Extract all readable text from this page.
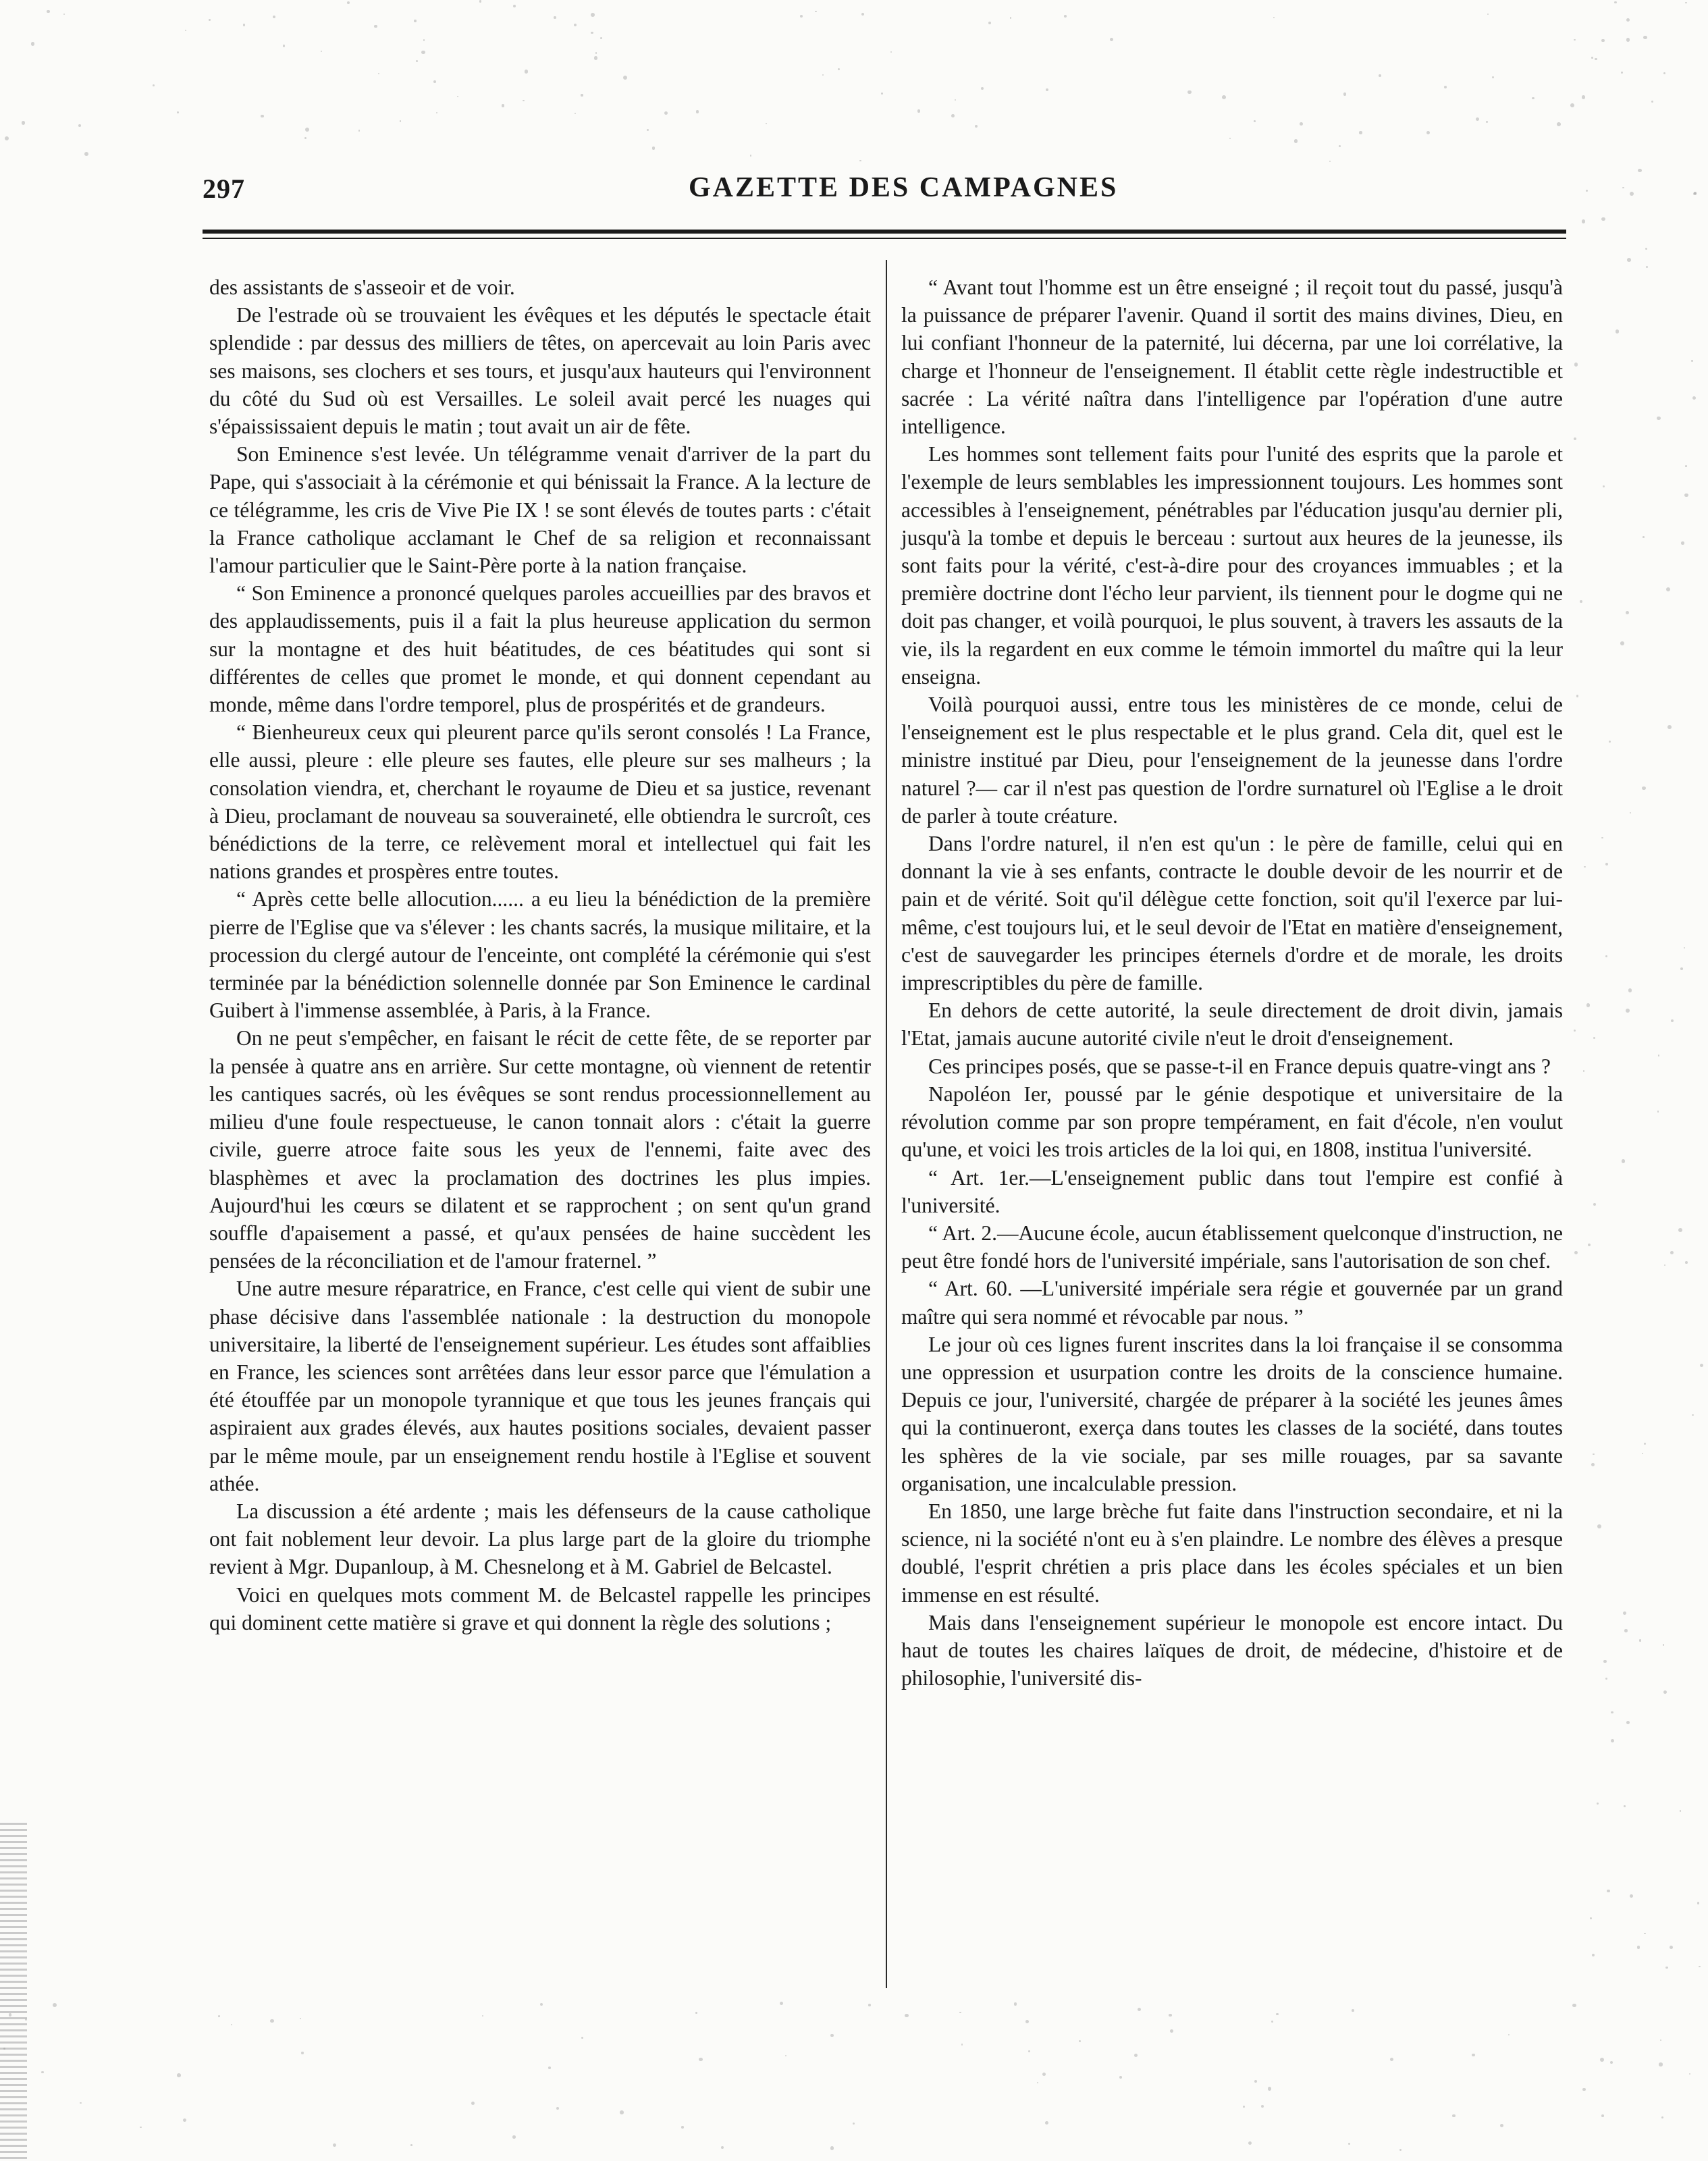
297	GAZETTE DES CAMPAGNES

des assistants de s'asseoir et de voir.

De l'estrade où se trouvaient les évêques et les députés le spectacle était splendide : par dessus des milliers de têtes, on apercevait au loin Paris avec ses maisons, ses clochers et ses tours, et jusqu'aux hauteurs qui l'environnent du côté du Sud où est Versailles. Le soleil avait percé les nuages qui s'épaississaient depuis le matin ; tout avait un air de fête.

Son Eminence s'est levée. Un télégramme venait d'arriver de la part du Pape, qui s'associait à la cérémonie et qui bénissait la France. A la lecture de ce télégramme, les cris de Vive Pie IX ! se sont élevés de toutes parts : c'était la France catholique acclamant le Chef de sa religion et reconnaissant l'amour particulier que le Saint-Père porte à la nation française.

“ Son Eminence a prononcé quelques paroles accueillies par des bravos et des applaudissements, puis il a fait la plus heureuse application du sermon sur la montagne et des huit béatitudes, de ces béatitudes qui sont si différentes de celles que promet le monde, et qui donnent cependant au monde, même dans l'ordre temporel, plus de prospérités et de grandeurs.

“ Bienheureux ceux qui pleurent parce qu'ils seront consolés ! La France, elle aussi, pleure : elle pleure ses fautes, elle pleure sur ses malheurs ; la consolation viendra, et, cherchant le royaume de Dieu et sa justice, revenant à Dieu, proclamant de nouveau sa souveraineté, elle obtiendra le surcroît, ces bénédictions de la terre, ce relèvement moral et intellectuel qui fait les nations grandes et prospères entre toutes.

“ Après cette belle allocution...... a eu lieu la bénédiction de la première pierre de l'Eglise que va s'élever : les chants sacrés, la musique militaire, et la procession du clergé autour de l'enceinte, ont complété la cérémonie qui s'est terminée par la bénédiction solennelle donnée par Son Eminence le cardinal Guibert à l'immense assemblée, à Paris, à la France.

On ne peut s'empêcher, en faisant le récit de cette fête, de se reporter par la pensée à quatre ans en arrière. Sur cette montagne, où viennent de retentir les cantiques sacrés, où les évêques se sont rendus processionnellement au milieu d'une foule respectueuse, le canon tonnait alors : c'était la guerre civile, guerre atroce faite sous les yeux de l'ennemi, faite avec des blasphèmes et avec la proclamation des doctrines les plus impies. Aujourd'hui les cœurs se dilatent et se rapprochent ; on sent qu'un grand souffle d'apaisement a passé, et qu'aux pensées de haine succèdent les pensées de la réconciliation et de l'amour fraternel. ”

Une autre mesure réparatrice, en France, c'est celle qui vient de subir une phase décisive dans l'assemblée nationale : la destruction du monopole universitaire, la liberté de l'enseignement supérieur. Les études sont affaiblies en France, les sciences sont arrêtées dans leur essor parce que l'émulation a été étouffée par un monopole tyrannique et que tous les jeunes français qui aspiraient aux grades élevés, aux hautes positions sociales, devaient passer par le même moule, par un enseignement rendu hostile à l'Eglise et souvent athée.

La discussion a été ardente ; mais les défenseurs de la cause catholique ont fait noblement leur devoir. La plus large part de la gloire du triomphe revient à Mgr. Dupanloup, à M. Chesnelong et à M. Gabriel de Belcastel.

Voici en quelques mots comment M. de Belcastel rappelle les principes qui dominent cette matière si grave et qui donnent la règle des solutions ;

“ Avant tout l'homme est un être enseigné ; il reçoit tout du passé, jusqu'à la puissance de préparer l'avenir. Quand il sortit des mains divines, Dieu, en lui confiant l'honneur de la paternité, lui décerna, par une loi corrélative, la charge et l'honneur de l'enseignement. Il établit cette règle indestructible et sacrée : La vérité naîtra dans l'intelligence par l'opération d'une autre intelligence.

Les hommes sont tellement faits pour l'unité des esprits que la parole et l'exemple de leurs semblables les impressionnent toujours. Les hommes sont accessibles à l'enseignement, pénétrables par l'éducation jusqu'au dernier pli, jusqu'à la tombe et depuis le berceau : surtout aux heures de la jeunesse, ils sont faits pour la vérité, c'est-à-dire pour des croyances immuables ; et la première doctrine dont l'écho leur parvient, ils tiennent pour le dogme qui ne doit pas changer, et voilà pourquoi, le plus souvent, à travers les assauts de la vie, ils la regardent en eux comme le témoin immortel du maître qui la leur enseigna.

Voilà pourquoi aussi, entre tous les ministères de ce monde, celui de l'enseignement est le plus respectable et le plus grand. Cela dit, quel est le ministre institué par Dieu, pour l'enseignement de la jeunesse dans l'ordre naturel ?— car il n'est pas question de l'ordre surnaturel où l'Eglise a le droit de parler à toute créature.

Dans l'ordre naturel, il n'en est qu'un : le père de famille, celui qui en donnant la vie à ses enfants, contracte le double devoir de les nourrir et de pain et de vérité. Soit qu'il délègue cette fonction, soit qu'il l'exerce par lui-même, c'est toujours lui, et le seul devoir de l'Etat en matière d'enseignement, c'est de sauvegarder les principes éternels d'ordre et de morale, les droits imprescriptibles du père de famille.

En dehors de cette autorité, la seule directement de droit divin, jamais l'Etat, jamais aucune autorité civile n'eut le droit d'enseignement.

Ces principes posés, que se passe-t-il en France depuis quatre-vingt ans ?

Napoléon Ier, poussé par le génie despotique et universitaire de la révolution comme par son propre tempérament, en fait d'école, n'en voulut qu'une, et voici les trois articles de la loi qui, en 1808, institua l'université.

“ Art. 1er.—L'enseignement public dans tout l'empire est confié à l'université.

“ Art. 2.—Aucune école, aucun établissement quelconque d'instruction, ne peut être fondé hors de l'université impériale, sans l'autorisation de son chef.

“ Art. 60. —L'université impériale sera régie et gouvernée par un grand maître qui sera nommé et révocable par nous. ”

Le jour où ces lignes furent inscrites dans la loi française il se consomma une oppression et usurpation contre les droits de la conscience humaine. Depuis ce jour, l'université, chargée de préparer à la société les jeunes âmes qui la continueront, exerça dans toutes les classes de la société, dans toutes les sphères de la vie sociale, par ses mille rouages, par sa savante organisation, une incalculable pression.

En 1850, une large brèche fut faite dans l'instruction secondaire, et ni la science, ni la société n'ont eu à s'en plaindre. Le nombre des élèves a presque doublé, l'esprit chrétien a pris place dans les écoles spéciales et un bien immense en est résulté.

Mais dans l'enseignement supérieur le monopole est encore intact. Du haut de toutes les chaires laïques de droit, de médecine, d'histoire et de philosophie, l'université dis-
